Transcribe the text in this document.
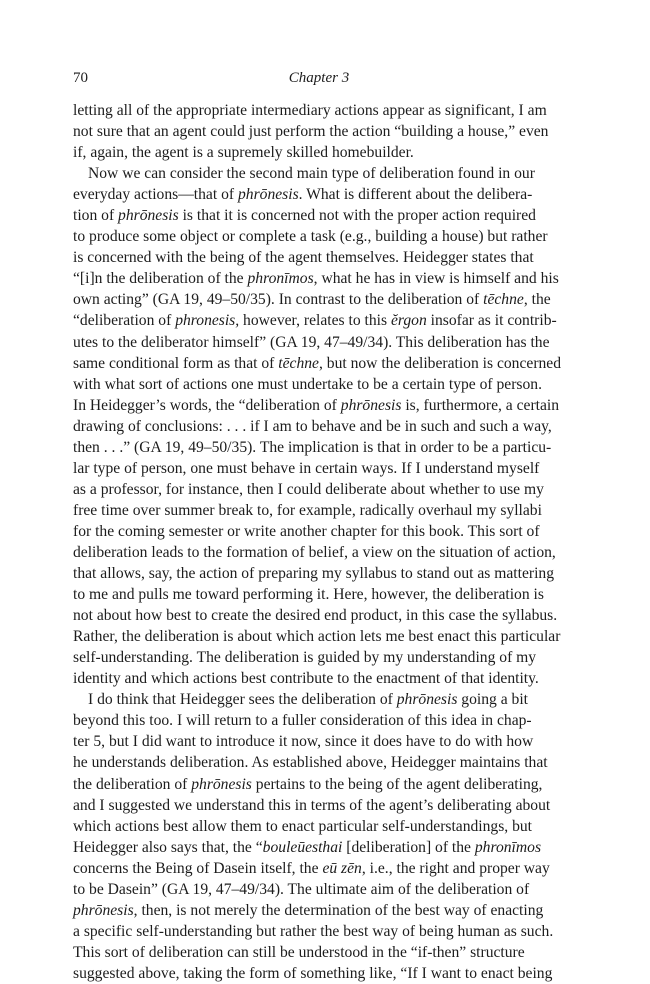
70	Chapter 3
letting all of the appropriate intermediary actions appear as significant, I am
not sure that an agent could just perform the action “building a house,” even
if, again, the agent is a supremely skilled homebuilder.
Now we can consider the second main type of deliberation found in our
everyday actions—that of phrōnesis. What is different about the delibera-
tion of phrōnesis is that it is concerned not with the proper action required
to produce some object or complete a task (e.g., building a house) but rather
is concerned with the being of the agent themselves. Heidegger states that
“[i]n the deliberation of the phronīmos, what he has in view is himself and his
own acting” (GA 19, 49–50/35). In contrast to the deliberation of tēchne, the
“deliberation of phronesis, however, relates to this ĕrgon insofar as it contrib-
utes to the deliberator himself” (GA 19, 47–49/34). This deliberation has the
same conditional form as that of tēchne, but now the deliberation is concerned
with what sort of actions one must undertake to be a certain type of person.
In Heidegger’s words, the “deliberation of phrōnesis is, furthermore, a certain
drawing of conclusions: . . . if I am to behave and be in such and such a way,
then . . .” (GA 19, 49–50/35). The implication is that in order to be a particu-
lar type of person, one must behave in certain ways. If I understand myself
as a professor, for instance, then I could deliberate about whether to use my
free time over summer break to, for example, radically overhaul my syllabi
for the coming semester or write another chapter for this book. This sort of
deliberation leads to the formation of belief, a view on the situation of action,
that allows, say, the action of preparing my syllabus to stand out as mattering
to me and pulls me toward performing it. Here, however, the deliberation is
not about how best to create the desired end product, in this case the syllabus.
Rather, the deliberation is about which action lets me best enact this particular
self-understanding. The deliberation is guided by my understanding of my
identity and which actions best contribute to the enactment of that identity.
I do think that Heidegger sees the deliberation of phrōnesis going a bit
beyond this too. I will return to a fuller consideration of this idea in chap-
ter 5, but I did want to introduce it now, since it does have to do with how
he understands deliberation. As established above, Heidegger maintains that
the deliberation of phrōnesis pertains to the being of the agent deliberating,
and I suggested we understand this in terms of the agent’s deliberating about
which actions best allow them to enact particular self-understandings, but
Heidegger also says that, the “bouleūesthai [deliberation] of the phronīmos
concerns the Being of Dasein itself, the eū zēn, i.e., the right and proper way
to be Dasein” (GA 19, 47–49/34). The ultimate aim of the deliberation of
phrōnesis, then, is not merely the determination of the best way of enacting
a specific self-understanding but rather the best way of being human as such.
This sort of deliberation can still be understood in the “if-then” structure
suggested above, taking the form of something like, “If I want to enact being
